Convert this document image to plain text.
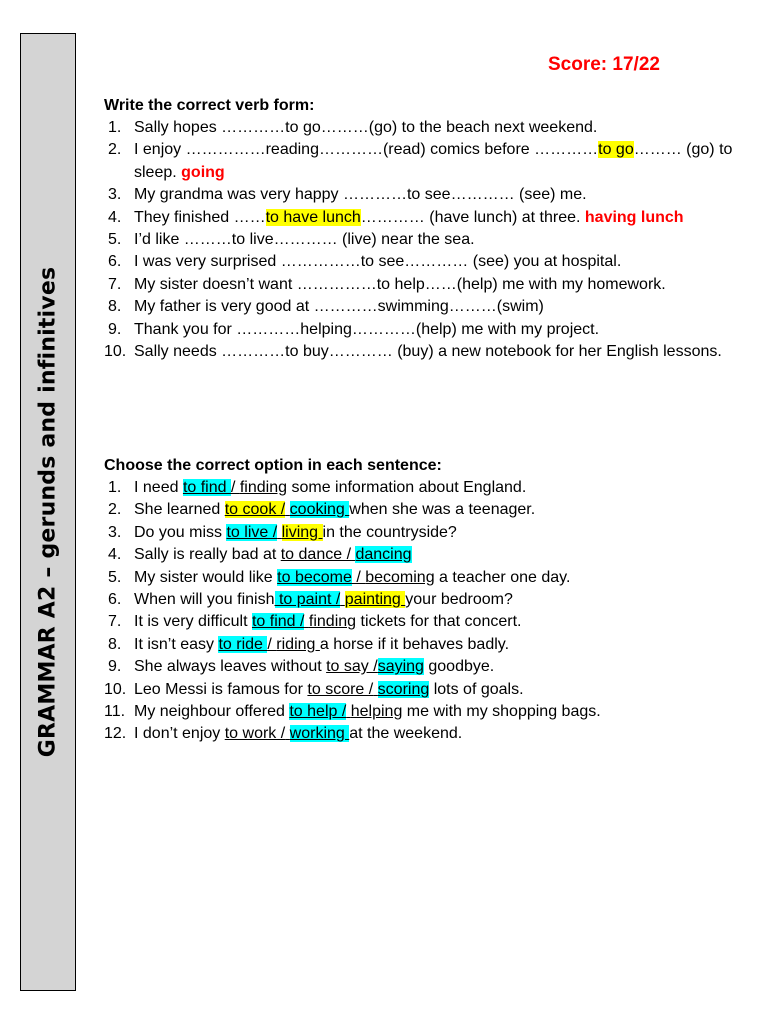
GRAMMAR A2 – gerunds and infinitives
Score: 17/22
Write the correct verb form:
1. Sally hopes …………to go………(go) to the beach next weekend.
2. I enjoy ……………reading…………(read) comics before …………to go……… (go) to sleep. going
3. My grandma was very happy …………to see………… (see) me.
4. They finished ……to have lunch………… (have lunch) at three. having lunch
5. I’d like ………to live………… (live) near the sea.
6. I was very surprised ……………to see………… (see) you at hospital.
7. My sister doesn’t want ……………to help……(help) me with my homework.
8. My father is very good at …………swimming………(swim)
9. Thank you for …………helping…………(help) me with my project.
10. Sally needs …………to buy………… (buy) a new notebook for her English lessons.
Choose the correct option in each sentence:
1. I need to find / finding some information about England.
2. She learned to cook / cooking when she was a teenager.
3. Do you miss to live / living in the countryside?
4. Sally is really bad at to dance / dancing
5. My sister would like to become / becoming a teacher one day.
6. When will you finish to paint / painting your bedroom?
7. It is very difficult to find / finding tickets for that concert.
8. It isn’t easy to ride / riding a horse if it behaves badly.
9. She always leaves without to say /saying goodbye.
10. Leo Messi is famous for to score / scoring lots of goals.
11. My neighbour offered to help / helping me with my shopping bags.
12. I don’t enjoy to work / working at the weekend.
